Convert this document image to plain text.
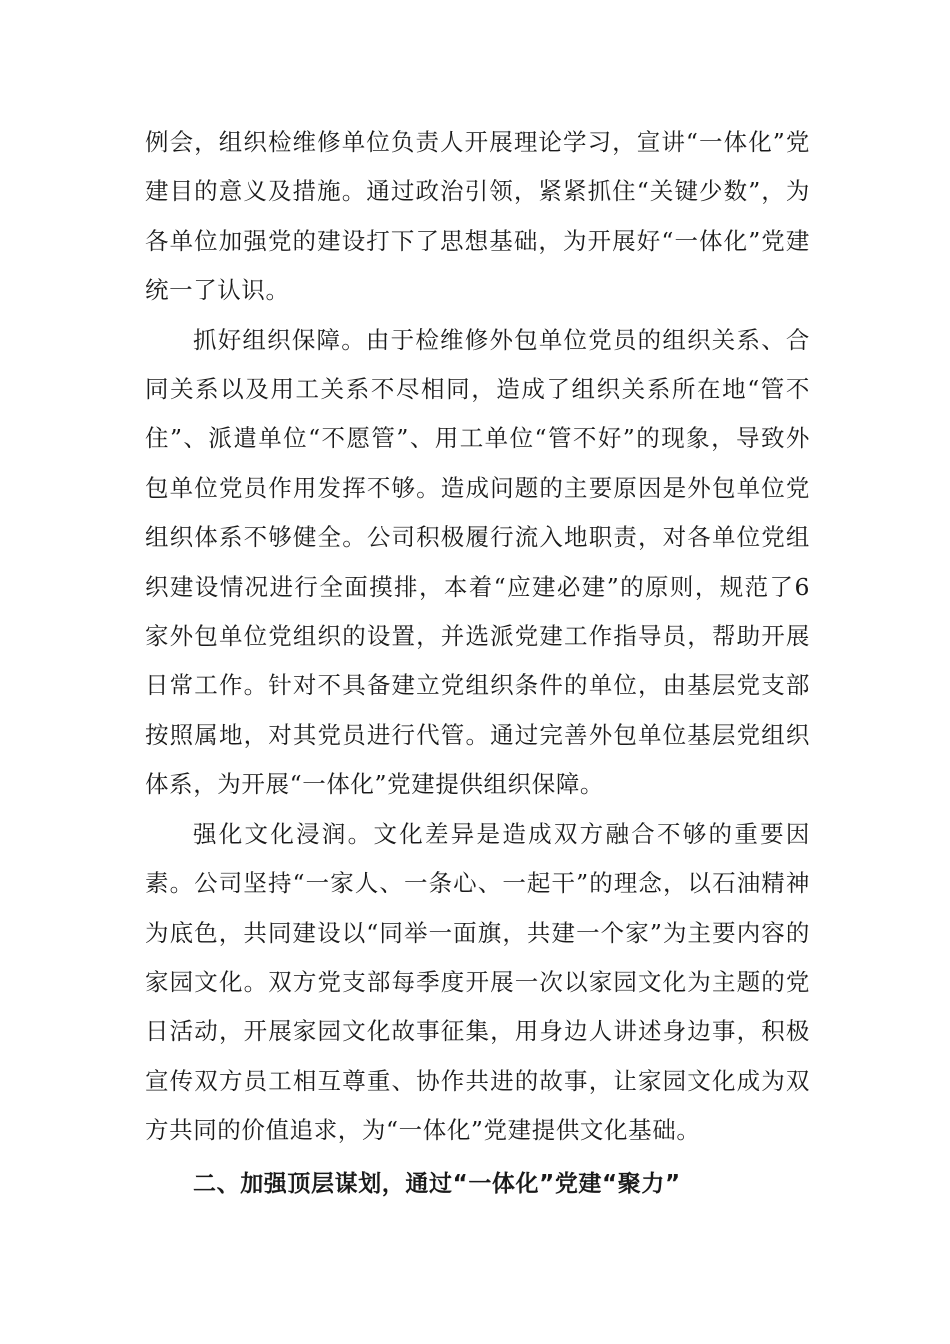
例会，组织检维修单位负责人开展理论学习，宣讲“一体化”党建目的意义及措施。通过政治引领，紧紧抓住“关键少数”，为各单位加强党的建设打下了思想基础，为开展好“一体化”党建统一了认识。

抓好组织保障。由于检维修外包单位党员的组织关系、合同关系以及用工关系不尽相同，造成了组织关系所在地“管不住”、派遣单位“不愿管”、用工单位“管不好”的现象，导致外包单位党员作用发挥不够。造成问题的主要原因是外包单位党组织体系不够健全。公司积极履行流入地职责，对各单位党组织建设情况进行全面摸排，本着“应建必建”的原则，规范了6家外包单位党组织的设置，并选派党建工作指导员，帮助开展日常工作。针对不具备建立党组织条件的单位，由基层党支部按照属地，对其党员进行代管。通过完善外包单位基层党组织体系，为开展“一体化”党建提供组织保障。

强化文化浸润。文化差异是造成双方融合不够的重要因素。公司坚持“一家人、一条心、一起干”的理念，以石油精神为底色，共同建设以“同举一面旗，共建一个家”为主要内容的家园文化。双方党支部每季度开展一次以家园文化为主题的党日活动，开展家园文化故事征集，用身边人讲述身边事，积极宣传双方员工相互尊重、协作共进的故事，让家园文化成为双方共同的价值追求，为“一体化”党建提供文化基础。

二、加强顶层谋划，通过“一体化”党建“聚力”
